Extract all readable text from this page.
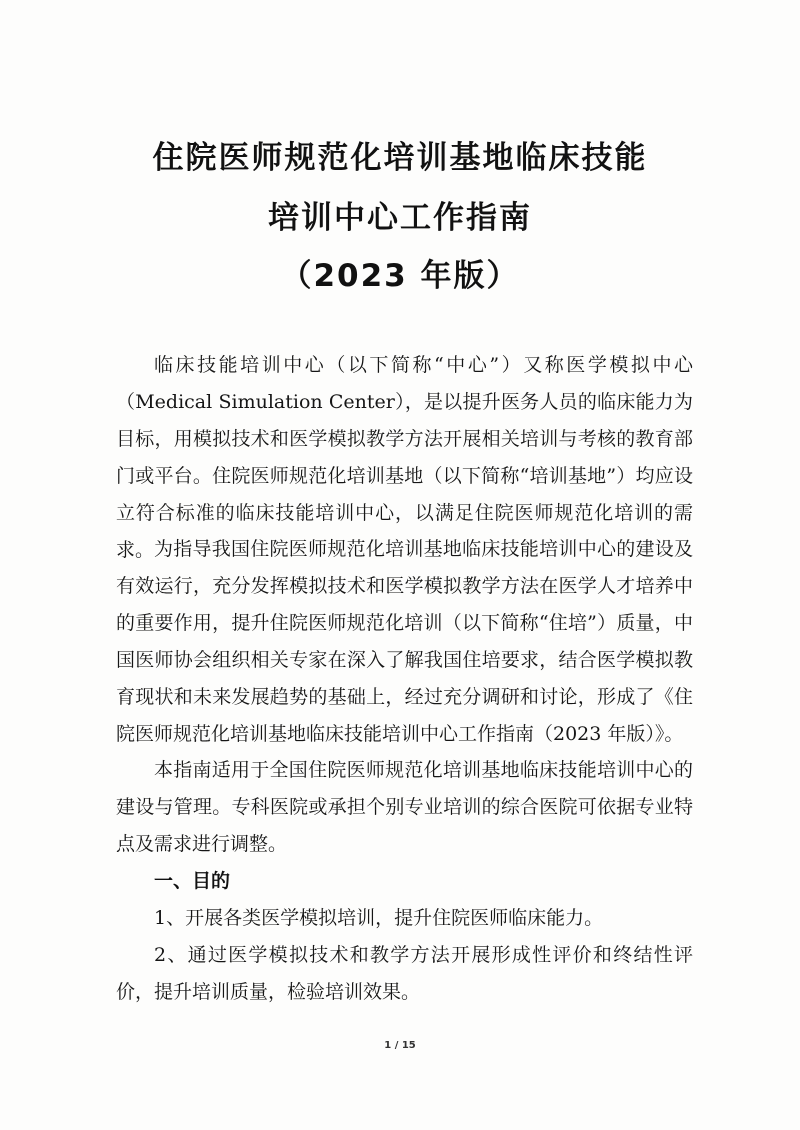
住院医师规范化培训基地临床技能
培训中心工作指南
（2023 年版）

临床技能培训中心（以下简称“中心”）又称医学模拟中心（Medical Simulation Center），是以提升医务人员的临床能力为目标，用模拟技术和医学模拟教学方法开展相关培训与考核的教育部门或平台。住院医师规范化培训基地（以下简称“培训基地”）均应设立符合标准的临床技能培训中心，以满足住院医师规范化培训的需求。 为指导我国住院医师规范化培训基地临床技能培训中心的建设及有效运行，充分发挥模拟技术和医学模拟教学方法在医学人才培养中的重要作用，提升住院医师规范化培训（以下简称“住培”）质量，中国医师协会组织相关专家在深入了解我国住培要求，结合医学模拟教育现状和未来发展趋势的基础上，经过充分调研和讨论，形成了《住院医师规范化培训基地临床技能培训中心工作指南（2023 年版）》。

本指南适用于全国住院医师规范化培训基地临床技能培训中心的建设与管理。专科医院或承担个别专业培训的综合医院可依据专业特点及需求进行调整。

一、目的

1、开展各类医学模拟培训，提升住院医师临床能力。

2、通过医学模拟技术和教学方法开展形成性评价和终结性评价，提升培训质量，检验培训效果。

1 / 15
